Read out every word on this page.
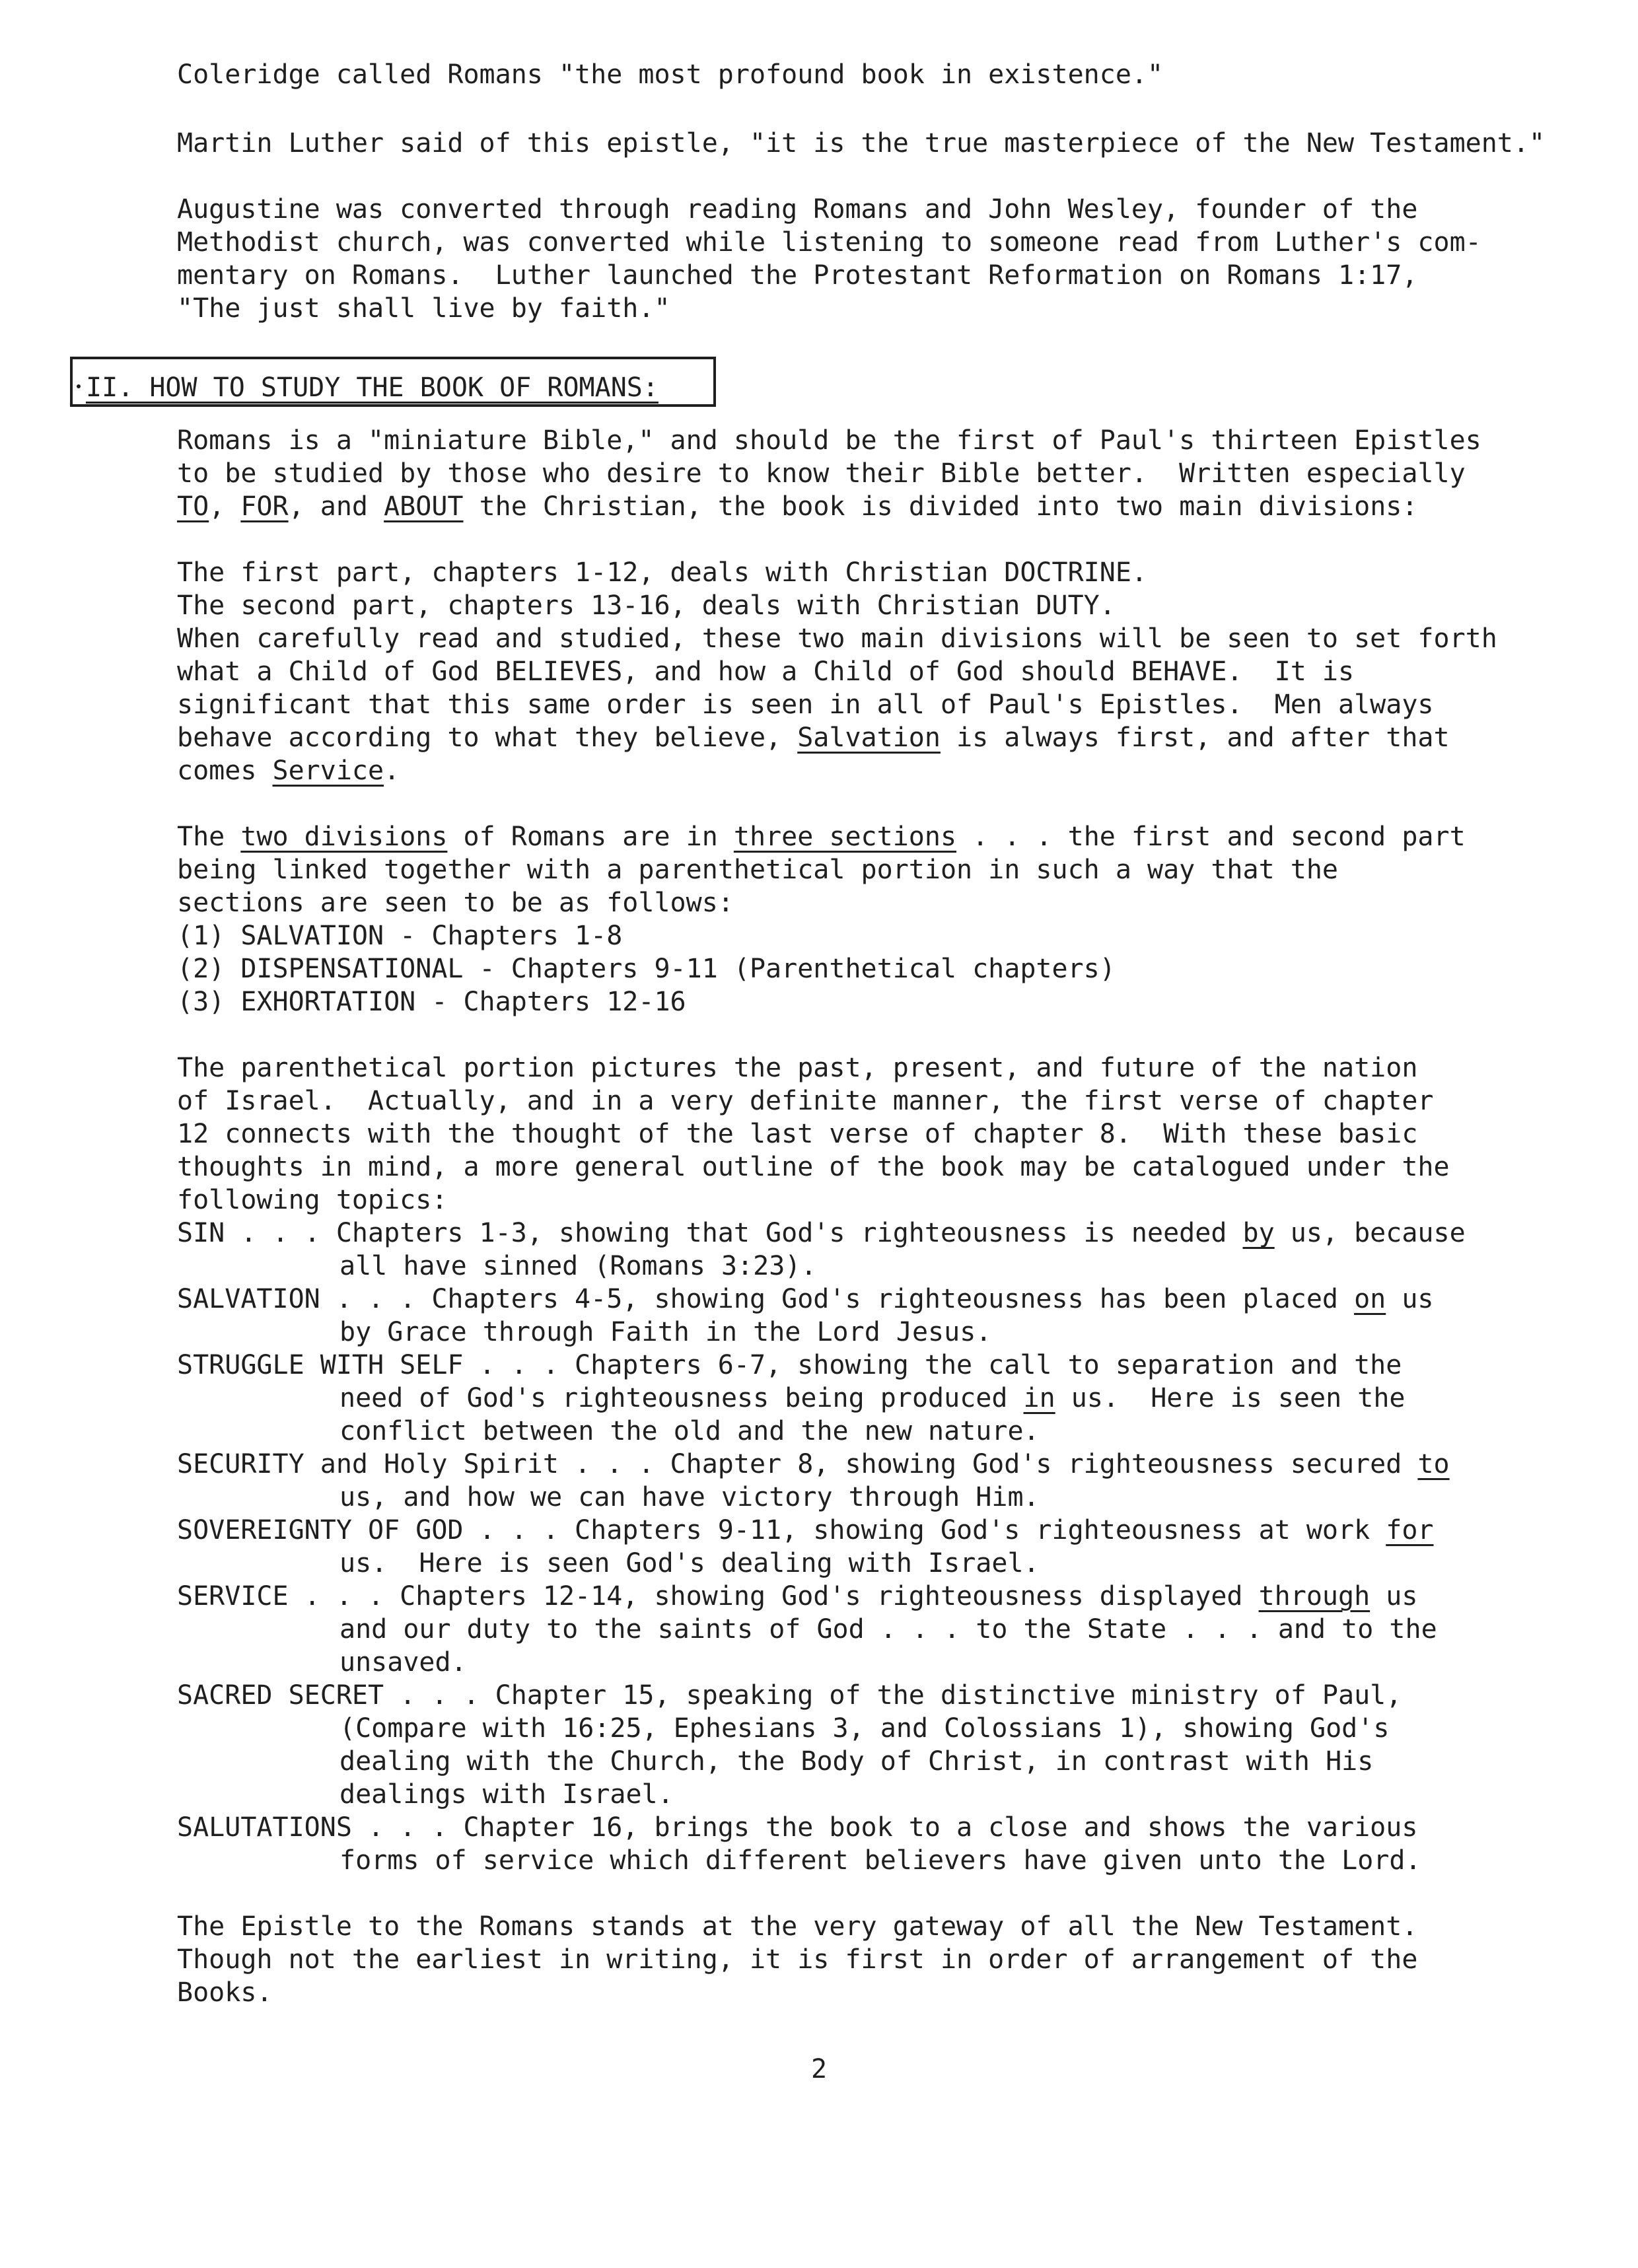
Coleridge called Romans "the most profound book in existence."
Martin Luther said of this epistle, "it is the true masterpiece of the New Testament."
Augustine was converted through reading Romans and John Wesley, founder of the
Methodist church, was converted while listening to someone read from Luther's com-
mentary on Romans.  Luther launched the Protestant Reformation on Romans 1:17,
"The just shall live by faith."
II. HOW TO STUDY THE BOOK OF ROMANS:
Romans is a "miniature Bible," and should be the first of Paul's thirteen Epistles
to be studied by those who desire to know their Bible better.  Written especially
TO, FOR, and ABOUT the Christian, the book is divided into two main divisions:
The first part, chapters 1-12, deals with Christian DOCTRINE.
The second part, chapters 13-16, deals with Christian DUTY.
When carefully read and studied, these two main divisions will be seen to set forth
what a Child of God BELIEVES, and how a Child of God should BEHAVE.  It is
significant that this same order is seen in all of Paul's Epistles.  Men always
behave according to what they believe, Salvation is always first, and after that
comes Service.
The two divisions of Romans are in three sections . . . the first and second part
being linked together with a parenthetical portion in such a way that the
sections are seen to be as follows:
(1) SALVATION - Chapters 1-8
(2) DISPENSATIONAL - Chapters 9-11 (Parenthetical chapters)
(3) EXHORTATION - Chapters 12-16
The parenthetical portion pictures the past, present, and future of the nation
of Israel.  Actually, and in a very definite manner, the first verse of chapter
12 connects with the thought of the last verse of chapter 8.  With these basic
thoughts in mind, a more general outline of the book may be catalogued under the
following topics:
SIN . . . Chapters 1-3, showing that God's righteousness is needed by us, because
all have sinned (Romans 3:23).
SALVATION . . . Chapters 4-5, showing God's righteousness has been placed on us
by Grace through Faith in the Lord Jesus.
STRUGGLE WITH SELF . . . Chapters 6-7, showing the call to separation and the
need of God's righteousness being produced in us.  Here is seen the
conflict between the old and the new nature.
SECURITY and Holy Spirit . . . Chapter 8, showing God's righteousness secured to
us, and how we can have victory through Him.
SOVEREIGNTY OF GOD . . . Chapters 9-11, showing God's righteousness at work for
us.  Here is seen God's dealing with Israel.
SERVICE . . . Chapters 12-14, showing God's righteousness displayed through us
and our duty to the saints of God . . . to the State . . . and to the
unsaved.
SACRED SECRET . . . Chapter 15, speaking of the distinctive ministry of Paul,
(Compare with 16:25, Ephesians 3, and Colossians 1), showing God's
dealing with the Church, the Body of Christ, in contrast with His
dealings with Israel.
SALUTATIONS . . . Chapter 16, brings the book to a close and shows the various
forms of service which different believers have given unto the Lord.
The Epistle to the Romans stands at the very gateway of all the New Testament.
Though not the earliest in writing, it is first in order of arrangement of the
Books.
2
